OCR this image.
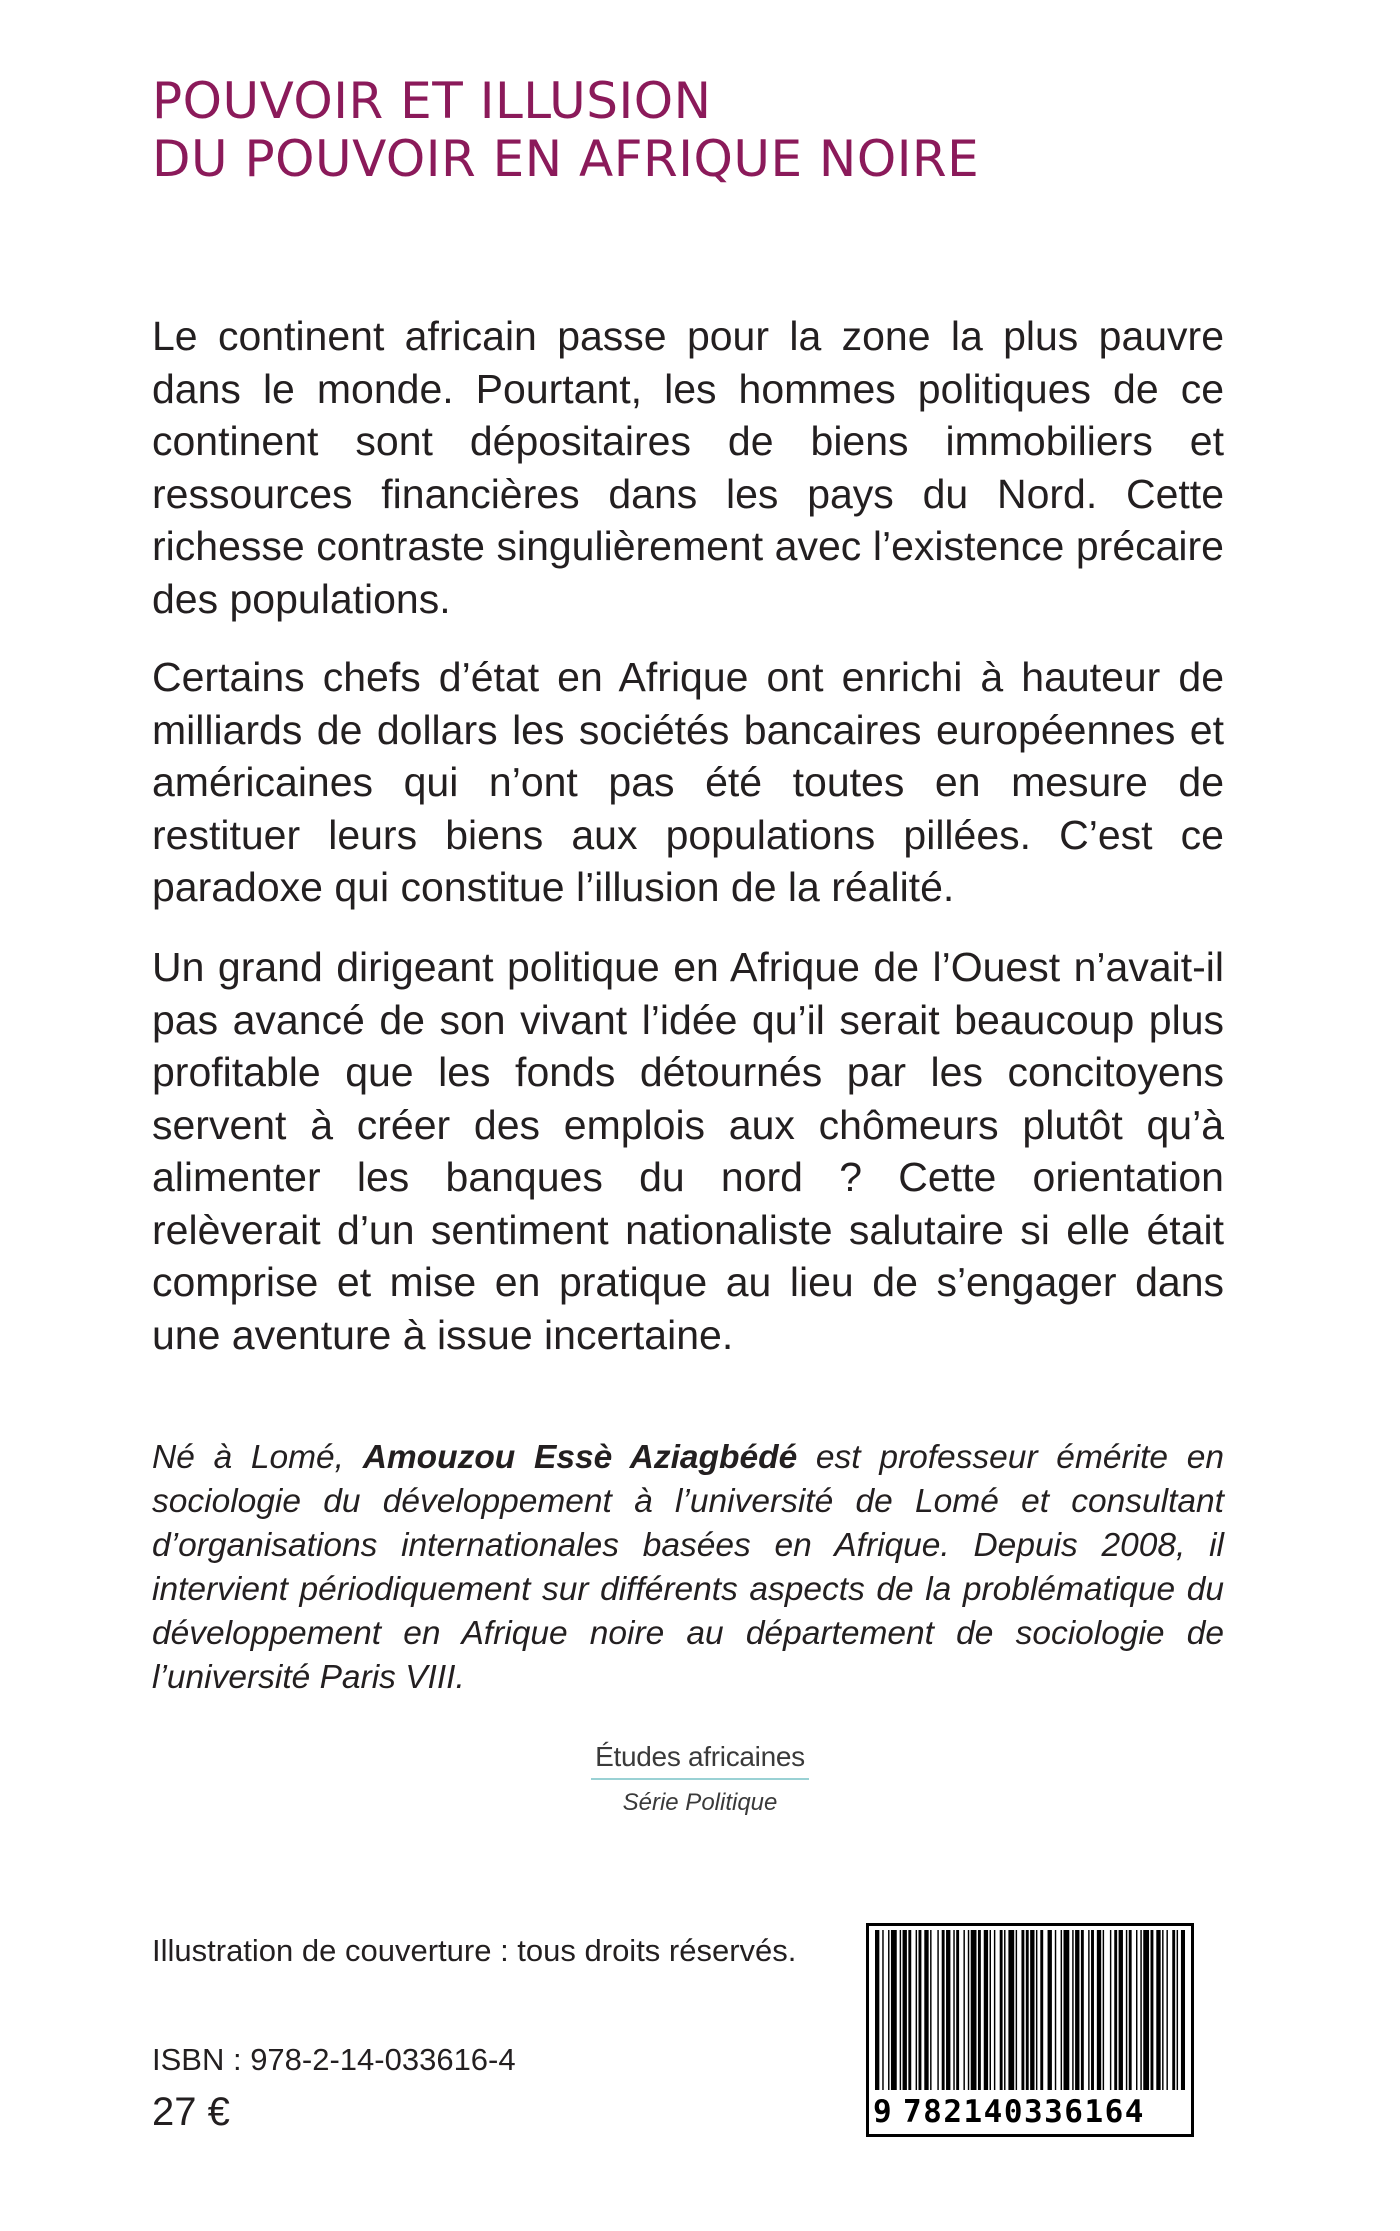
POUVOIR ET ILLUSION
DU POUVOIR EN AFRIQUE NOIRE

Le continent africain passe pour la zone la plus pauvre dans le monde. Pourtant, les hommes politiques de ce continent sont dépositaires de biens immobiliers et ressources financières dans les pays du Nord. Cette richesse contraste singulièrement avec l’existence précaire des populations.

Certains chefs d’état en Afrique ont enrichi à hauteur de milliards de dollars les sociétés bancaires européennes et américaines qui n’ont pas été toutes en mesure de restituer leurs biens aux populations pillées. C’est ce paradoxe qui constitue l’illusion de la réalité.

Un grand dirigeant politique en Afrique de l’Ouest n’avait-il pas avancé de son vivant l’idée qu’il serait beaucoup plus profitable que les fonds détournés par les concitoyens servent à créer des emplois aux chômeurs plutôt qu’à alimenter les banques du nord ? Cette orientation relèverait d’un sentiment nationaliste salutaire si elle était comprise et mise en pratique au lieu de s’engager dans une aventure à issue incertaine.

Né à Lomé, Amouzou Essè Aziagbédé est professeur émérite en sociologie du développement à l’université de Lomé et consultant d’organisations internationales basées en Afrique. Depuis 2008, il intervient périodiquement sur différents aspects de la problématique du développement en Afrique noire au département de sociologie de l’université Paris VIII.

Études africaines
Série Politique

Illustration de couverture : tous droits réservés.

ISBN : 978-2-14-033616-4

27 €	9 782140336164
